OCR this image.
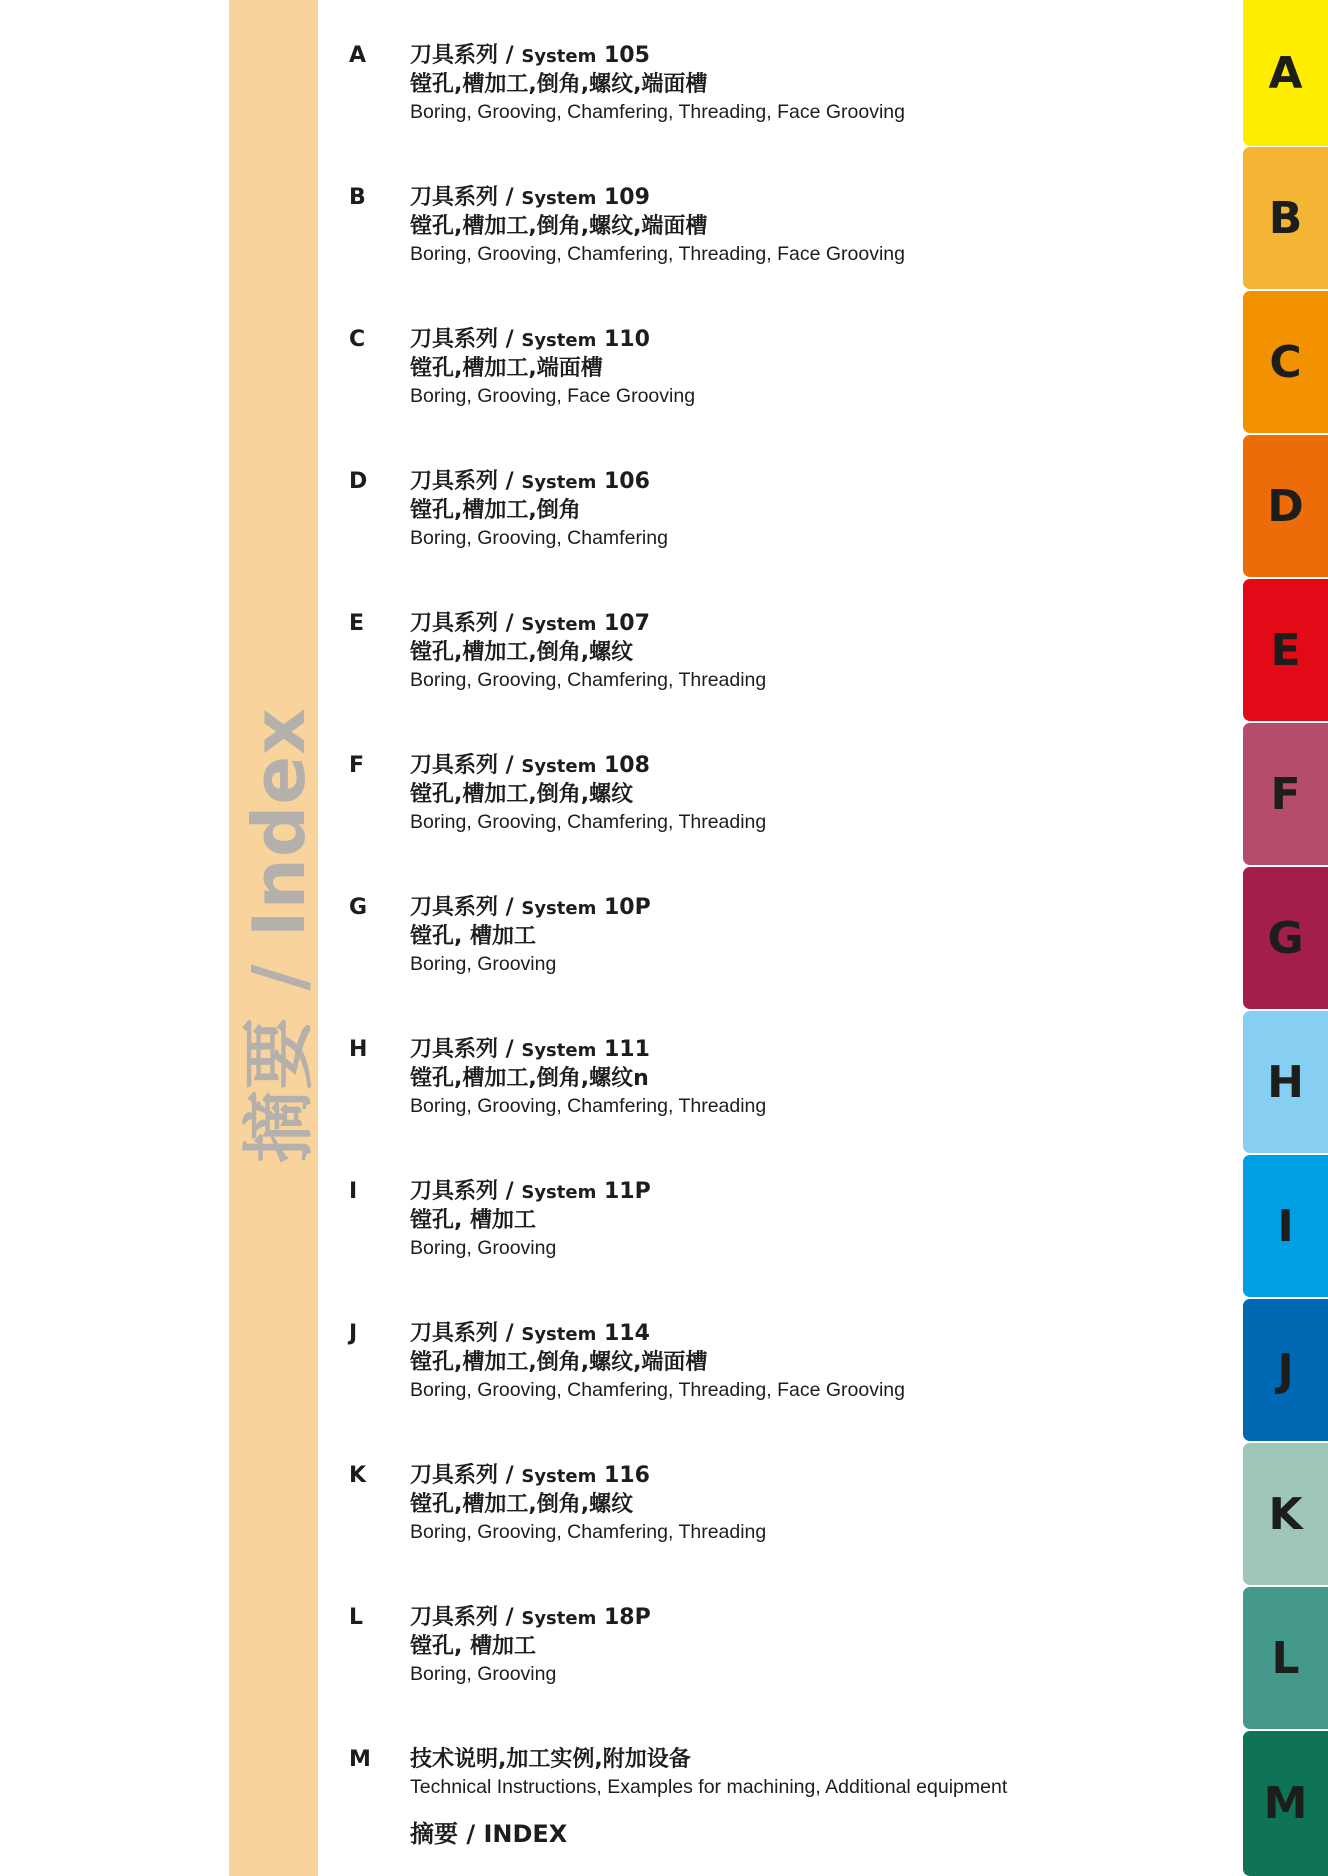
摘要 / Index
A 刀具系列 / System 105
镗孔,槽加工,倒角,螺纹,端面槽
Boring, Grooving, Chamfering, Threading, Face Grooving
B 刀具系列 / System 109
镗孔,槽加工,倒角,螺纹,端面槽
Boring, Grooving, Chamfering, Threading, Face Grooving
C 刀具系列 / System 110
镗孔,槽加工,端面槽
Boring, Grooving, Face Grooving
D 刀具系列 / System 106
镗孔,槽加工,倒角
Boring, Grooving, Chamfering
E 刀具系列 / System 107
镗孔,槽加工,倒角,螺纹
Boring, Grooving, Chamfering, Threading
F 刀具系列 / System 108
镗孔,槽加工,倒角,螺纹
Boring, Grooving, Chamfering, Threading
G 刀具系列 / System 10P
镗孔, 槽加工
Boring, Grooving
H 刀具系列 / System 111
镗孔,槽加工,倒角,螺纹n
Boring, Grooving, Chamfering, Threading
I 刀具系列 / System 11P
镗孔, 槽加工
Boring, Grooving
J 刀具系列 / System 114
镗孔,槽加工,倒角,螺纹,端面槽
Boring, Grooving, Chamfering, Threading, Face Grooving
K 刀具系列 / System 116
镗孔,槽加工,倒角,螺纹
Boring, Grooving, Chamfering, Threading
L 刀具系列 / System 18P
镗孔, 槽加工
Boring, Grooving
M 技术说明,加工实例,附加设备
Technical Instructions, Examples for machining, Additional equipment
摘要 / INDEX
A
B
C
D
E
F
G
H
I
J
K
L
M
